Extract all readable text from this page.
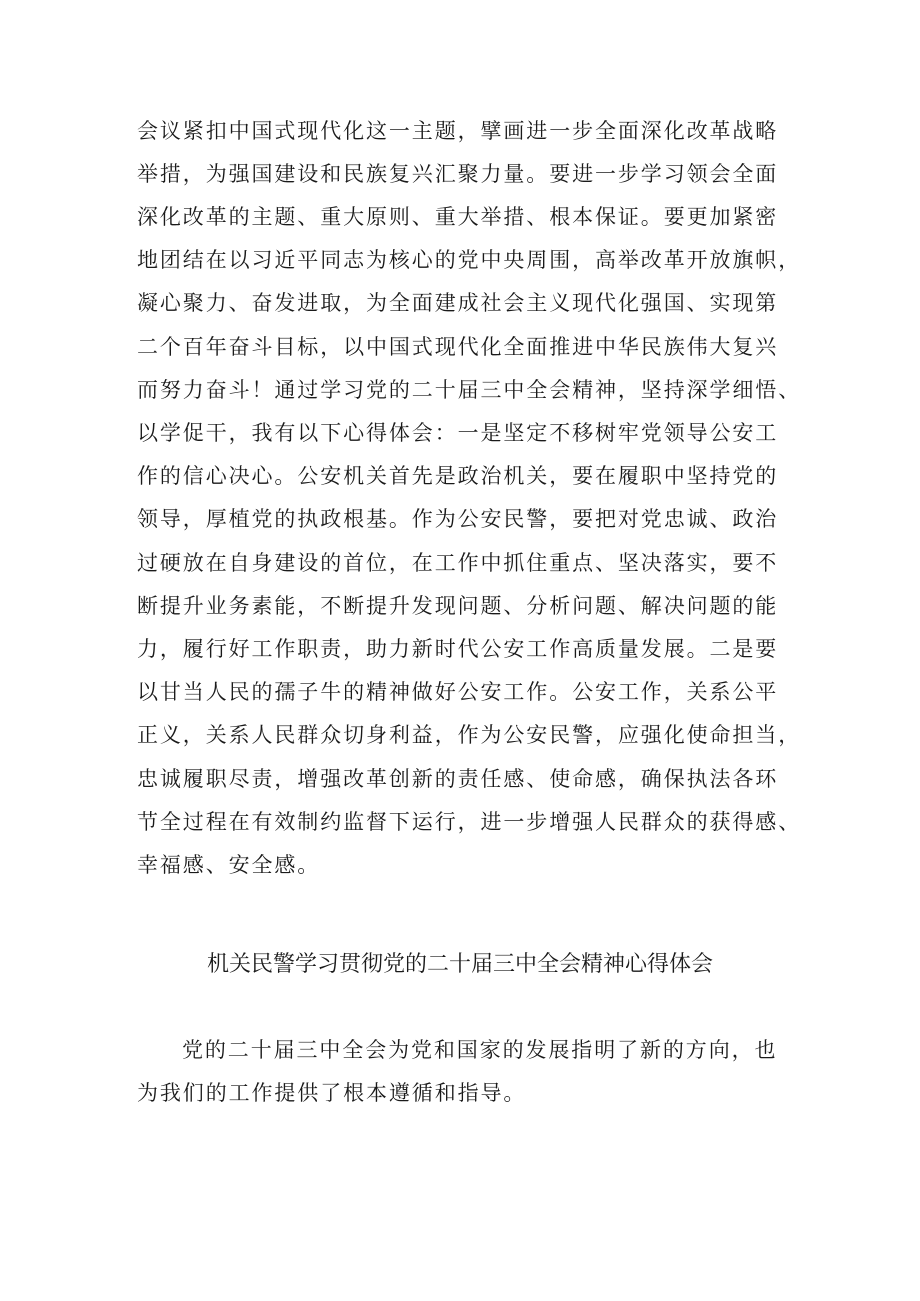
会议紧扣中国式现代化这一主题，擘画进一步全面深化改革战略
举措，为强国建设和民族复兴汇聚力量。要进一步学习领会全面
深化改革的主题、重大原则、重大举措、根本保证。要更加紧密
地团结在以习近平同志为核心的党中央周围，高举改革开放旗帜，
凝心聚力、奋发进取，为全面建成社会主义现代化强国、实现第
二个百年奋斗目标，以中国式现代化全面推进中华民族伟大复兴
而努力奋斗！通过学习党的二十届三中全会精神，坚持深学细悟、
以学促干，我有以下心得体会：一是坚定不移树牢党领导公安工
作的信心决心。公安机关首先是政治机关，要在履职中坚持党的
领导，厚植党的执政根基。作为公安民警，要把对党忠诚、政治
过硬放在自身建设的首位，在工作中抓住重点、坚决落实，要不
断提升业务素能，不断提升发现问题、分析问题、解决问题的能
力，履行好工作职责，助力新时代公安工作高质量发展。二是要
以甘当人民的孺子牛的精神做好公安工作。公安工作，关系公平
正义，关系人民群众切身利益，作为公安民警，应强化使命担当，
忠诚履职尽责，增强改革创新的责任感、使命感，确保执法各环
节全过程在有效制约监督下运行，进一步增强人民群众的获得感、
幸福感、安全感。
机关民警学习贯彻党的二十届三中全会精神心得体会
党的二十届三中全会为党和国家的发展指明了新的方向，也
为我们的工作提供了根本遵循和指导。
